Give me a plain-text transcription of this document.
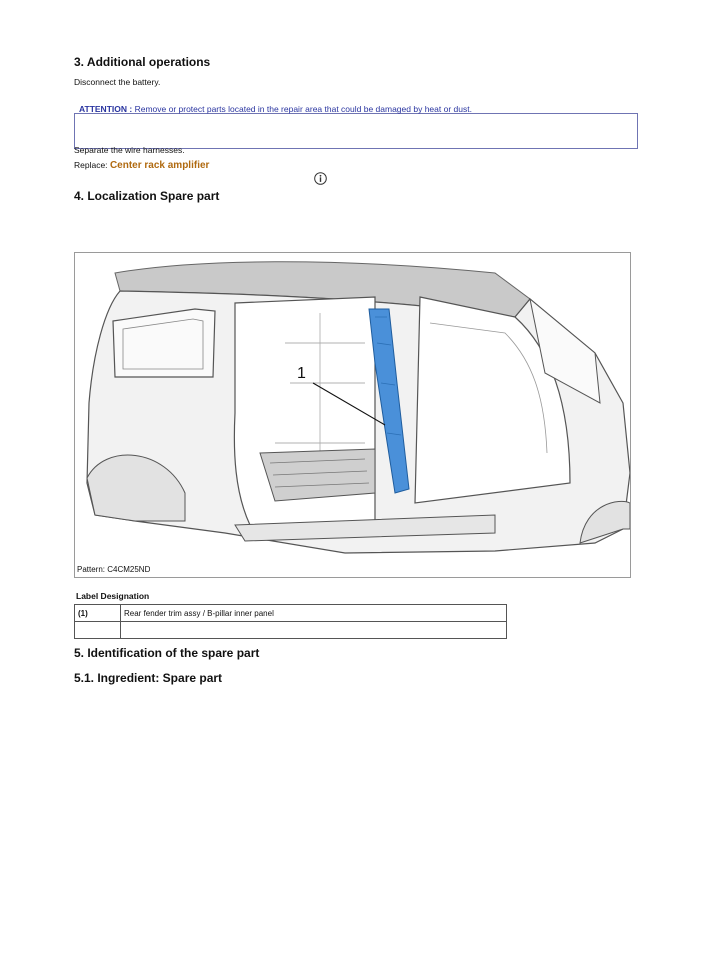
3. Additional operations
Disconnect the battery.
ATTENTION : Remove or protect parts located in the repair area that could be damaged by heat or dust.
Separate the wire harnesses.
Replace: Center rack amplifier
4. Localization Spare part
1
Pattern: C4CM25ND
Label Designation
(1)	Rear fender trim assy / B-pillar inner panel

5. Identification of the spare part
5.1. Ingredient: Spare part
